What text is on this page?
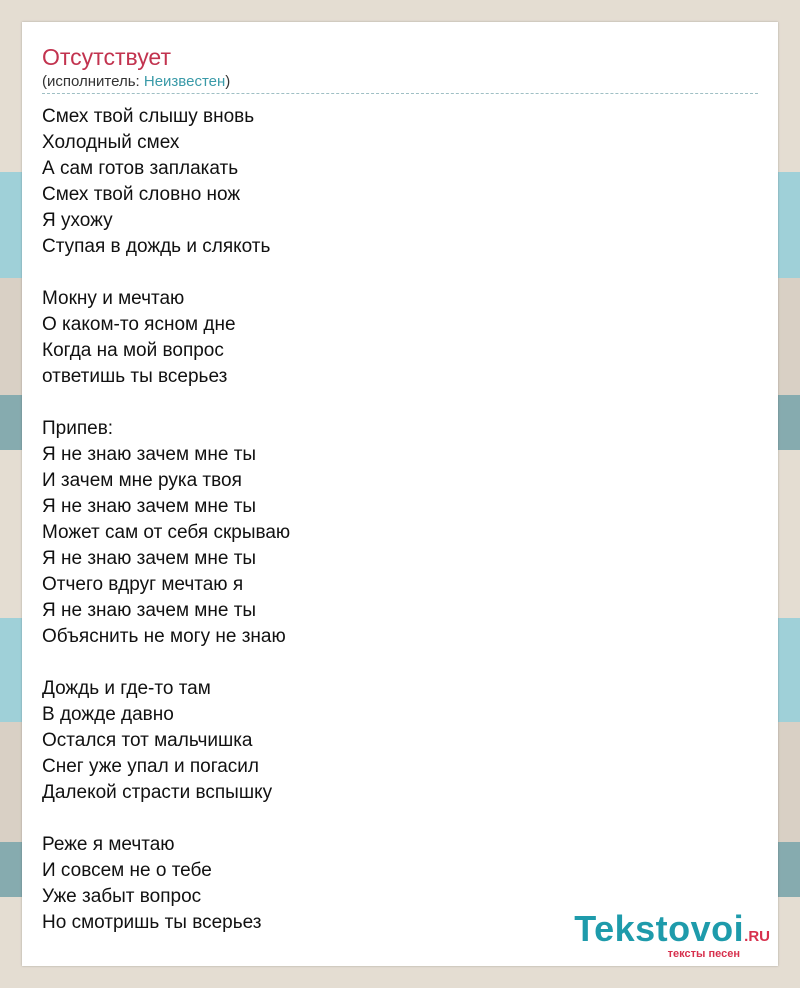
Отсутствует
(исполнитель: Неизвестен)
Смех твой слышу вновь
Холодный смех
А сам готов заплакать
Смех твой словно нож
Я ухожу
Ступая в дождь и слякоть
Мокну и мечтаю
О каком-то ясном дне
Когда на мой вопрос
ответишь ты всерьез
Припев:
Я не знаю зачем мне ты
И зачем мне рука твоя
Я не знаю зачем мне ты
Может сам от себя скрываю
Я не знаю зачем мне ты
Отчего вдруг мечтаю я
Я не знаю зачем мне ты
Объяснить не могу не знаю
Дождь и где-то там
В дожде давно
Остался тот мальчишка
Снег уже упал и погасил
Далекой страсти вспышку
Реже я мечтаю
И совсем не о тебе
Уже забыт вопрос
Но смотришь ты всерьез	Tekstovoi.RU
тексты песен
